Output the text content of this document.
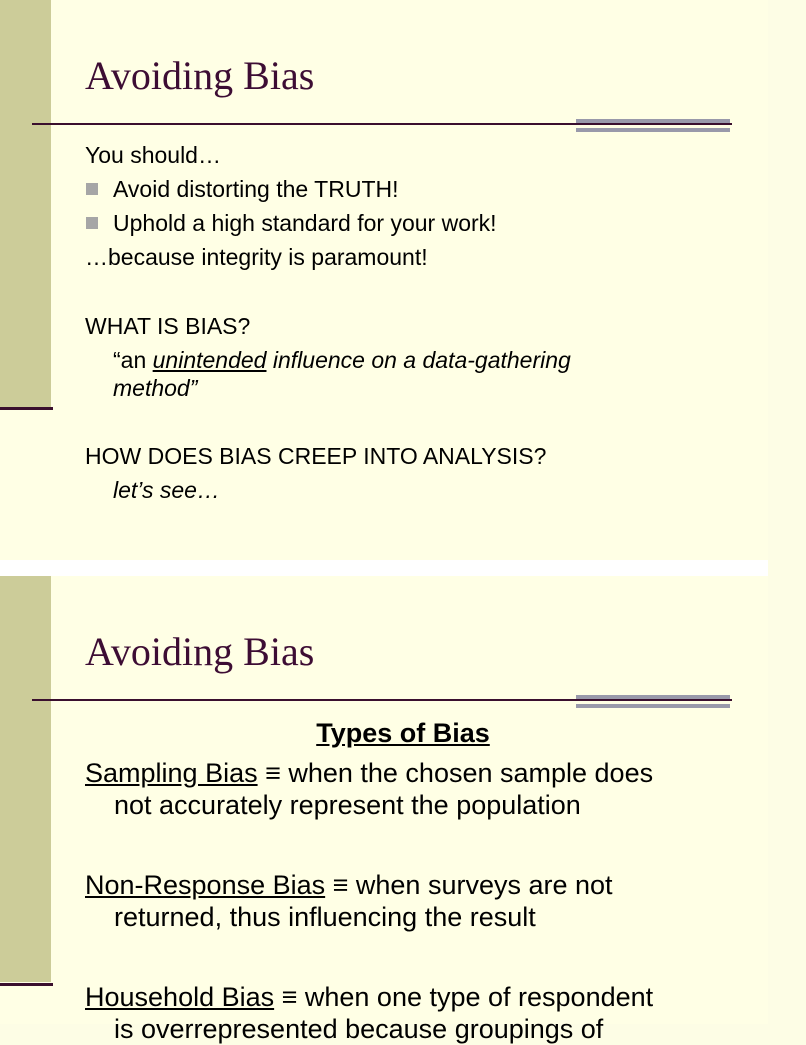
Avoiding Bias
You should…
Avoid distorting the TRUTH!
Uphold a high standard for your work!
…because integrity is paramount!
WHAT IS BIAS?
“an unintended influence on a data-gathering
method”
HOW DOES BIAS CREEP INTO ANALYSIS?
let’s see…
Avoiding Bias
Types of Bias
Sampling Bias ≡ when the chosen sample does
not accurately represent the population
Non-Response Bias ≡ when surveys are not
returned, thus influencing the result
Household Bias ≡ when one type of respondent
is overrepresented because groupings of
